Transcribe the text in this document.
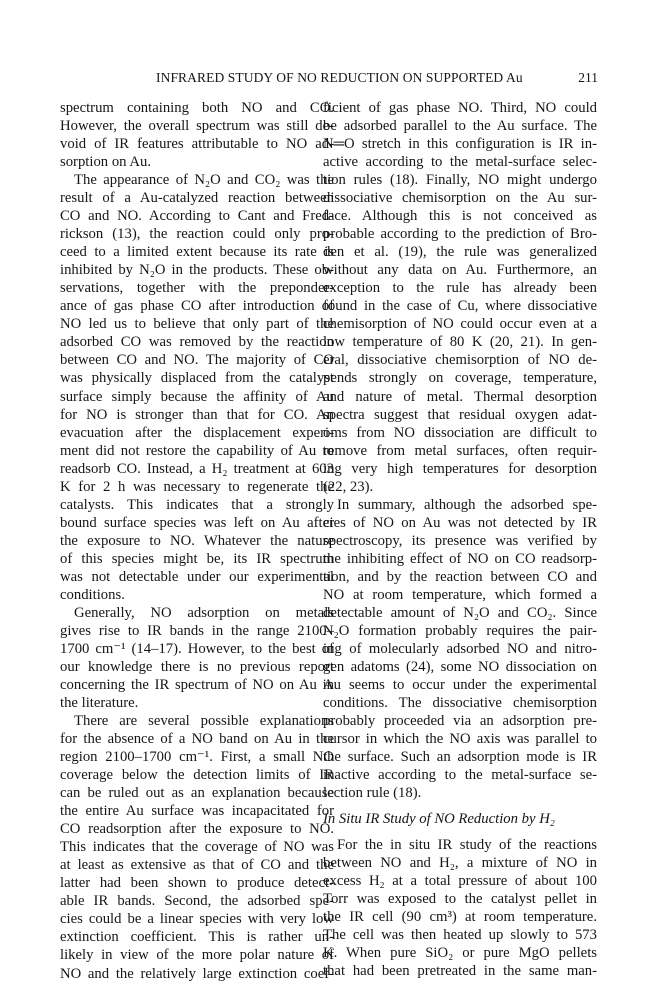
INFRARED STUDY OF NO REDUCTION ON SUPPORTED Au	211
spectrum containing both NO and CO.
However, the overall spectrum was still de-
void of IR features attributable to NO ad-
sorption on Au.
The appearance of N₂O and CO₂ was the
result of a Au-catalyzed reaction between
CO and NO. According to Cant and Fred-
rickson (13), the reaction could only pro-
ceed to a limited extent because its rate is
inhibited by N₂O in the products. These ob-
servations, together with the preponder-
ance of gas phase CO after introduction of
NO led us to believe that only part of the
adsorbed CO was removed by the reaction
between CO and NO. The majority of CO
was physically displaced from the catalyst
surface simply because the affinity of Au
for NO is stronger than that for CO. An
evacuation after the displacement experi-
ment did not restore the capability of Au to
readsorb CO. Instead, a H₂ treatment at 603
K for 2 h was necessary to regenerate the
catalysts. This indicates that a strongly
bound surface species was left on Au after
the exposure to NO. Whatever the nature
of this species might be, its IR spectrum
was not detectable under our experimental
conditions.
Generally, NO adsorption on metals
gives rise to IR bands in the range 2100–
1700 cm⁻¹ (14–17). However, to the best of
our knowledge there is no previous report
concerning the IR spectrum of NO on Au in
the literature.
There are several possible explanations
for the absence of a NO band on Au in the
region 2100–1700 cm⁻¹. First, a small NO
coverage below the detection limits of IR
can be ruled out as an explanation because
the entire Au surface was incapacitated for
CO readsorption after the exposure to NO.
This indicates that the coverage of NO was
at least as extensive as that of CO and the
latter had been shown to produce detect-
able IR bands. Second, the adsorbed spe-
cies could be a linear species with very low
extinction coefficient. This is rather un-
likely in view of the more polar nature of
NO and the relatively large extinction coef-
ficient of gas phase NO. Third, NO could
be adsorbed parallel to the Au surface. The
N═O stretch in this configuration is IR in-
active according to the metal-surface selec-
tion rules (18). Finally, NO might undergo
dissociative chemisorption on the Au sur-
face. Although this is not conceived as
probable according to the prediction of Bro-
den et al. (19), the rule was generalized
without any data on Au. Furthermore, an
exception to the rule has already been
found in the case of Cu, where dissociative
chemisorption of NO could occur even at a
low temperature of 80 K (20, 21). In gen-
eral, dissociative chemisorption of NO de-
pends strongly on coverage, temperature,
and nature of metal. Thermal desorption
spectra suggest that residual oxygen adat-
oms from NO dissociation are difficult to
remove from metal surfaces, often requir-
ing very high temperatures for desorption
(22, 23).
In summary, although the adsorbed spe-
cies of NO on Au was not detected by IR
spectroscopy, its presence was verified by
the inhibiting effect of NO on CO readsorp-
tion, and by the reaction between CO and
NO at room temperature, which formed a
detectable amount of N₂O and CO₂. Since
N₂O formation probably requires the pair-
ing of molecularly adsorbed NO and nitro-
gen adatoms (24), some NO dissociation on
Au seems to occur under the experimental
conditions. The dissociative chemisorption
probably proceeded via an adsorption pre-
cursor in which the NO axis was parallel to
the surface. Such an adsorption mode is IR
inactive according to the metal-surface se-
lection rule (18).
In Situ IR Study of NO Reduction by H₂
For the in situ IR study of the reactions
between NO and H₂, a mixture of NO in
excess H₂ at a total pressure of about 100
Torr was exposed to the catalyst pellet in
the IR cell (90 cm³) at room temperature.
The cell was then heated up slowly to 573
K. When pure SiO₂ or pure MgO pellets
that had been pretreated in the same man-
